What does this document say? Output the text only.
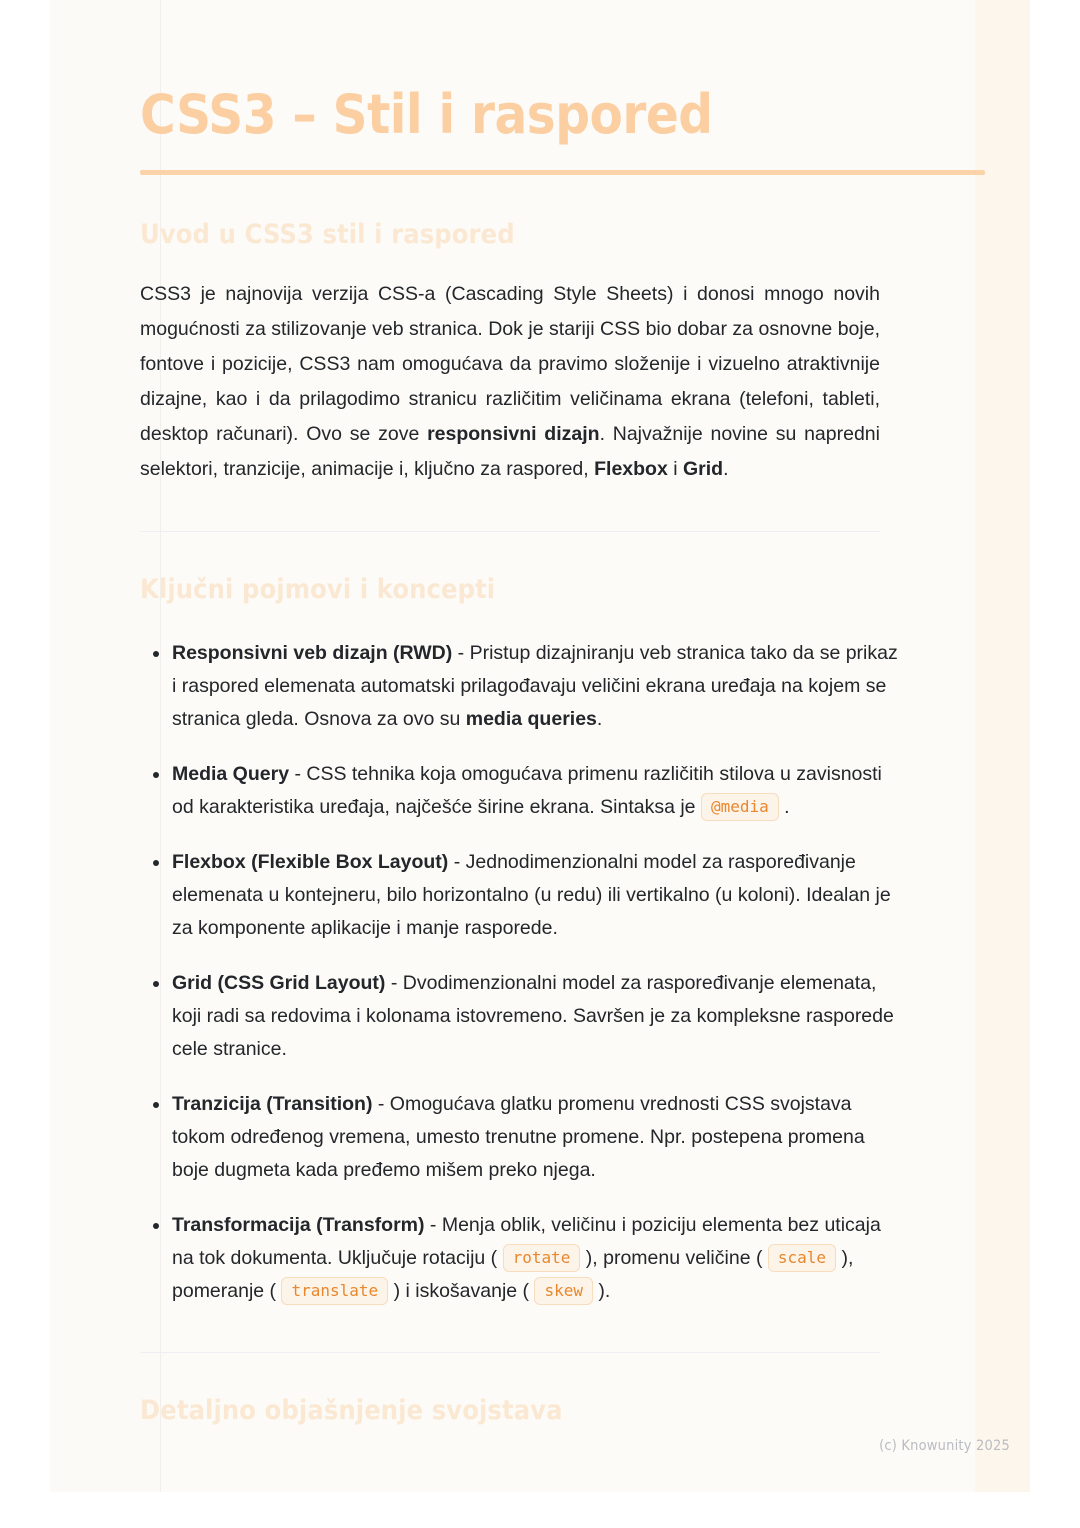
CSS3 – Stil i raspored
Uvod u CSS3 stil i raspored

CSS3 je najnovija verzija CSS-a (Cascading Style Sheets) i donosi mnogo novih mogućnosti za stilizovanje veb stranica. Dok je stariji CSS bio dobar za osnovne boje, fontove i pozicije, CSS3 nam omogućava da pravimo složenije i vizuelno atraktivnije dizajne, kao i da prilagodimo stranicu različitim veličinama ekrana (telefoni, tableti, desktop računari). Ovo se zove responsivni dizajn. Najvažnije novine su napredni selektori, tranzicije, animacije i, ključno za raspored, Flexbox i Grid.

Ključni pojmovi i koncepti
Responsivni veb dizajn (RWD) - Pristup dizajniranju veb stranica tako da se prikaz i raspored elemenata automatski prilagođavaju veličini ekrana uređaja na kojem se stranica gleda. Osnova za ovo su media queries.
Media Query - CSS tehnika koja omogućava primenu različitih stilova u zavisnosti od karakteristika uređaja, najčešće širine ekrana. Sintaksa je @media .
Flexbox (Flexible Box Layout) - Jednodimenzionalni model za raspoređivanje elemenata u kontejneru, bilo horizontalno (u redu) ili vertikalno (u koloni). Idealan je za komponente aplikacije i manje rasporede.
Grid (CSS Grid Layout) - Dvodimenzionalni model za raspoređivanje elemenata, koji radi sa redovima i kolonama istovremeno. Savršen je za kompleksne rasporede cele stranice.
Tranzicija (Transition) - Omogućava glatku promenu vrednosti CSS svojstava tokom određenog vremena, umesto trenutne promene. Npr. postepena promena boje dugmeta kada pređemo mišem preko njega.
Transformacija (Transform) - Menja oblik, veličinu i poziciju elementa bez uticaja na tok dokumenta. Uključuje rotaciju ( rotate ), promenu veličine ( scale ), pomeranje ( translate ) i iskošavanje ( skew ).
Detaljno objašnjenje svojstava
(c) Knowunity 2025
